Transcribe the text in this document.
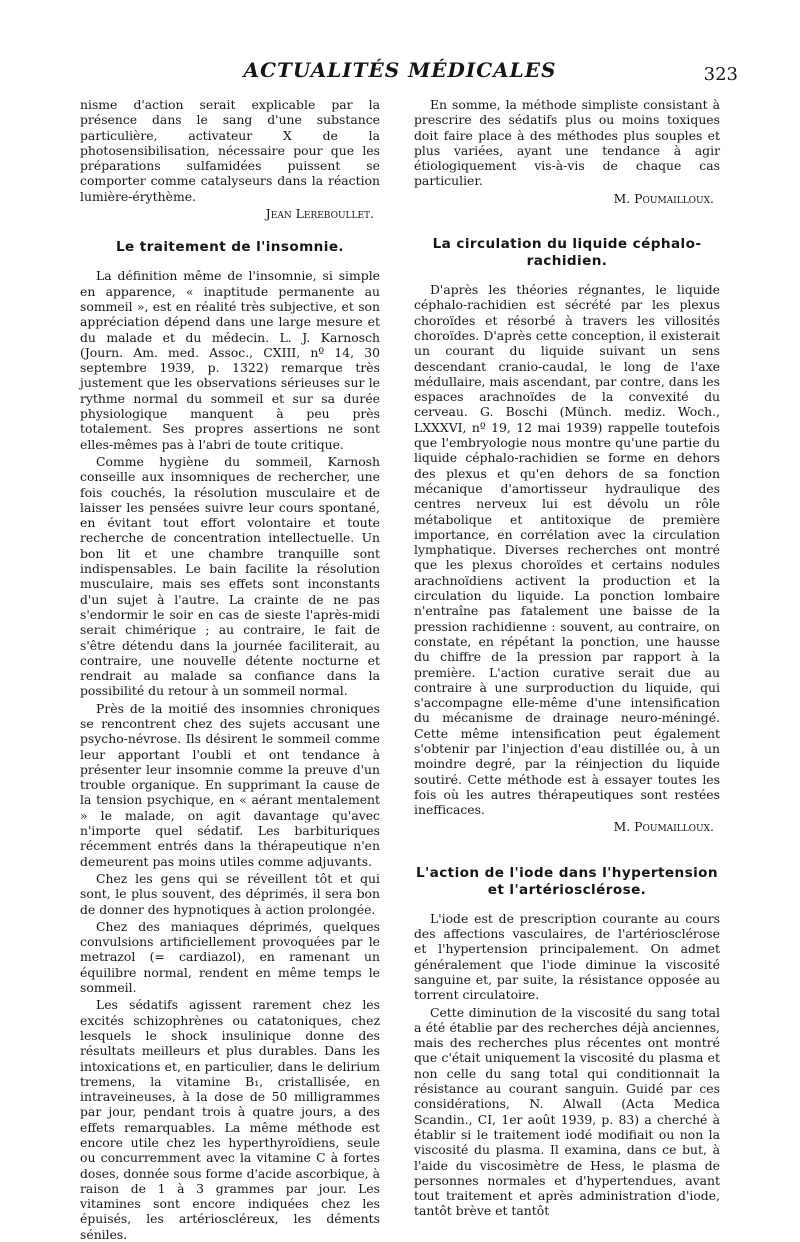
ACTUALITÉS MÉDICALES	323

nisme d'action serait explicable par la présence dans le sang d'une substance particulière, activateur X de la photosensibilisation, nécessaire pour que les préparations sulfamidées puissent se comporter comme catalyseurs dans la réaction lumière-érythème.

Jean Lereboullet.
Le traitement de l'insomnie.

La définition même de l'insomnie, si simple en apparence, « inaptitude permanente au sommeil », est en réalité très subjective, et son appréciation dépend dans une large mesure et du malade et du médecin. L. J. Karnosch (Journ. Am. med. Assoc., CXIII, nº 14, 30 septembre 1939, p. 1322) remarque très justement que les observations sérieuses sur le rythme normal du sommeil et sur sa durée physiologique manquent à peu près totalement. Ses propres assertions ne sont elles-mêmes pas à l'abri de toute critique.

Comme hygiène du sommeil, Karnosh conseille aux insomniques de rechercher, une fois couchés, la résolution musculaire et de laisser les pensées suivre leur cours spontané, en évitant tout effort volontaire et toute recherche de concentration intellectuelle. Un bon lit et une chambre tranquille sont indispensables. Le bain facilite la résolution musculaire, mais ses effets sont inconstants d'un sujet à l'autre. La crainte de ne pas s'endormir le soir en cas de sieste l'après-midi serait chimérique ; au contraire, le fait de s'être détendu dans la journée faciliterait, au contraire, une nouvelle détente nocturne et rendrait au malade sa confiance dans la possibilité du retour à un sommeil normal.

Près de la moitié des insomnies chroniques se rencontrent chez des sujets accusant une psycho-névrose. Ils désirent le sommeil comme leur apportant l'oubli et ont tendance à présenter leur insomnie comme la preuve d'un trouble organique. En supprimant la cause de la tension psychique, en « aérant mentalement » le malade, on agit davantage qu'avec n'importe quel sédatif. Les barbituriques récemment entrés dans la thérapeutique n'en demeurent pas moins utiles comme adjuvants.

Chez les gens qui se réveillent tôt et qui sont, le plus souvent, des déprimés, il sera bon de donner des hypnotiques à action prolongée.

Chez des maniaques déprimés, quelques convulsions artificiellement provoquées par le metrazol (= cardiazol), en ramenant un équilibre normal, rendent en même temps le sommeil.

Les sédatifs agissent rarement chez les excités schizophrènes ou catatoniques, chez lesquels le shock insulinique donne des résultats meilleurs et plus durables. Dans les intoxications et, en particulier, dans le delirium tremens, la vitamine B₁, cristallisée, en intraveineuses, à la dose de 50 milligrammes par jour, pendant trois à quatre jours, a des effets remarquables. La même méthode est encore utile chez les hyperthyroïdiens, seule ou concurremment avec la vitamine C à fortes doses, donnée sous forme d'acide ascorbique, à raison de 1 à 3 grammes par jour. Les vitamines sont encore indiquées chez les épuisés, les artérioscléreux, les déments séniles.

En somme, la méthode simpliste consistant à prescrire des sédatifs plus ou moins toxiques doit faire place à des méthodes plus souples et plus variées, ayant une tendance à agir étiologiquement vis-à-vis de chaque cas particulier.

M. Poumailloux.
La circulation du liquide céphalo-rachidien.

D'après les théories régnantes, le liquide céphalo-rachidien est sécrété par les plexus choroïdes et résorbé à travers les villosités choroïdes. D'après cette conception, il existerait un courant du liquide suivant un sens descendant cranio-caudal, le long de l'axe médullaire, mais ascendant, par contre, dans les espaces arachnoïdes de la convexité du cerveau. G. Boschi (Münch. mediz. Woch., LXXXVI, nº 19, 12 mai 1939) rappelle toutefois que l'embryologie nous montre qu'une partie du liquide céphalo-rachidien se forme en dehors des plexus et qu'en dehors de sa fonction mécanique d'amortisseur hydraulique des centres nerveux lui est dévolu un rôle métabolique et antitoxique de première importance, en corrélation avec la circulation lymphatique. Diverses recherches ont montré que les plexus choroïdes et certains nodules arachnoïdiens activent la production et la circulation du liquide. La ponction lombaire n'entraîne pas fatalement une baisse de la pression rachidienne : souvent, au contraire, on constate, en répétant la ponction, une hausse du chiffre de la pression par rapport à la première. L'action curative serait due au contraire à une surproduction du liquide, qui s'accompagne elle-même d'une intensification du mécanisme de drainage neuro-méningé. Cette même intensification peut également s'obtenir par l'injection d'eau distillée ou, à un moindre degré, par la réinjection du liquide soutiré. Cette méthode est à essayer toutes les fois où les autres thérapeutiques sont restées inefficaces.

M. Poumailloux.
L'action de l'iode dans l'hypertension et l'artériosclérose.

L'iode est de prescription courante au cours des affections vasculaires, de l'artériosclérose et l'hypertension principalement. On admet généralement que l'iode diminue la viscosité sanguine et, par suite, la résistance opposée au torrent circulatoire.

Cette diminution de la viscosité du sang total a été établie par des recherches déjà anciennes, mais des recherches plus récentes ont montré que c'était uniquement la viscosité du plasma et non celle du sang total qui conditionnait la résistance au courant sanguin. Guidé par ces considérations, N. Alwall (Acta Medica Scandin., CI, 1er août 1939, p. 83) a cherché à établir si le traitement iodé modifiait ou non la viscosité du plasma. Il examina, dans ce but, à l'aide du viscosimètre de Hess, le plasma de personnes normales et d'hypertendues, avant tout traitement et après administration d'iode, tantôt brève et tantôt
